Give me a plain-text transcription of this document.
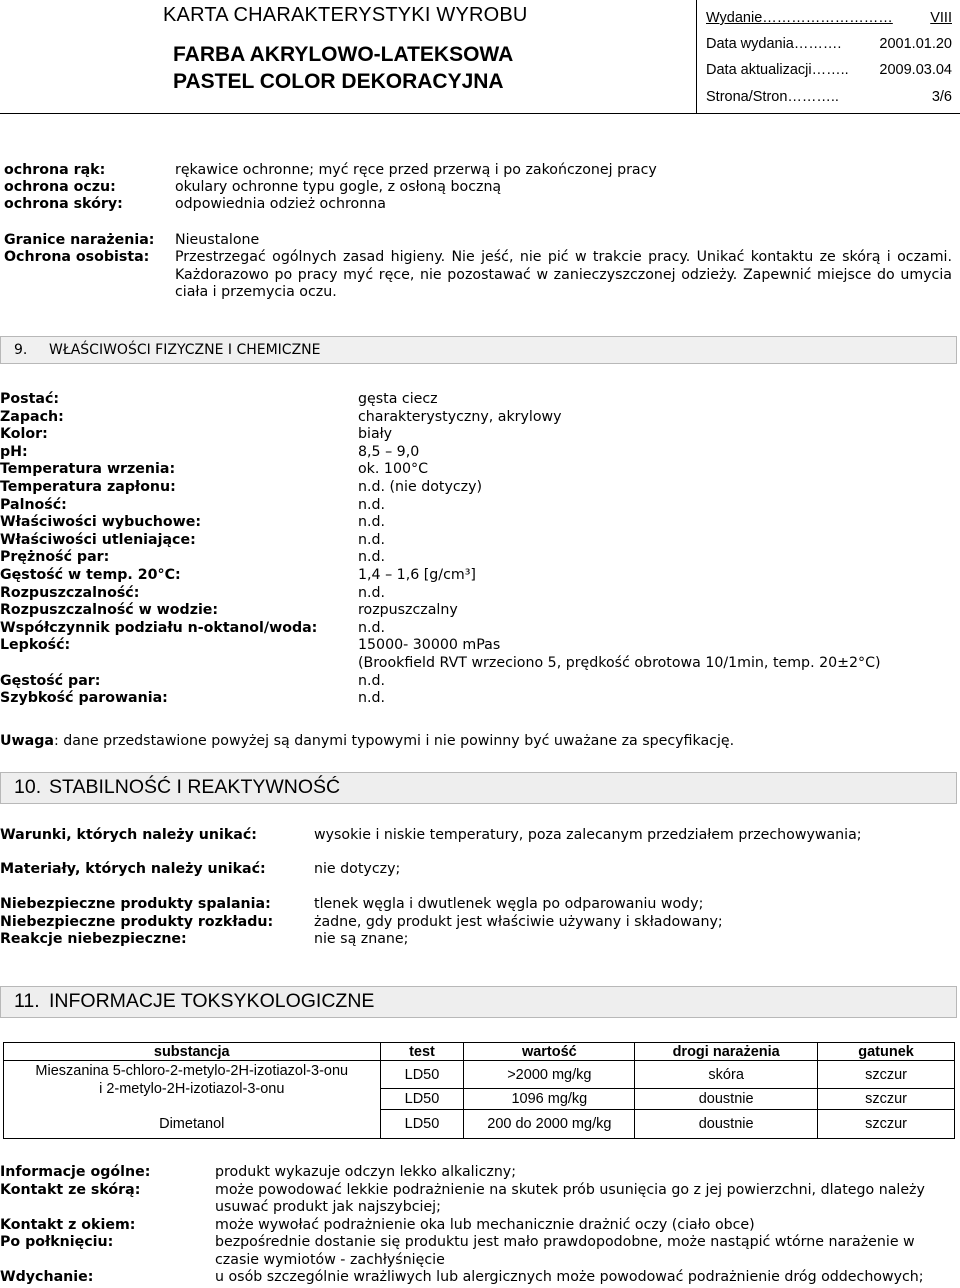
KARTA CHARAKTERYSTYKI WYROBU
FARBA AKRYLOWO-LATEKSOWA
PASTEL COLOR DEKORACYJNA
Wydanie………………………	VIII
Data wydania……….	2001.01.20
Data aktualizacji…….. 2009.03.04
Strona/Stron………..	3/6
ochrona rąk:	rękawice ochronne; myć ręce przed przerwą i po zakończonej pracy
ochrona oczu:	okulary ochronne typu gogle, z osłoną boczną
ochrona skóry:	odpowiednia odzież ochronna
Granice narażenia: Nieustalone
Ochrona osobista: Przestrzegać ogólnych zasad higieny. Nie jeść, nie pić w trakcie pracy. Unikać kontaktu ze skórą i oczami. Każdorazowo po pracy myć ręce, nie pozostawać w zanieczyszczonej odzieży. Zapewnić miejsce do umycia ciała i przemycia oczu.
9. WŁAŚCIWOŚCI FIZYCZNE I CHEMICZNE
Postać:	gęsta ciecz
Zapach:	charakterystyczny, akrylowy
Kolor:	biały
pH:	8,5 – 9,0
Temperatura wrzenia:	ok. 100°C
Temperatura zapłonu:	n.d. (nie dotyczy)
Palność:	n.d.
Właściwości wybuchowe:	n.d.
Właściwości utleniające:	n.d.
Prężność par:	n.d.
Gęstość w temp. 20°C:	1,4 – 1,6 [g/cm³]
Rozpuszczalność:	n.d.
Rozpuszczalność w wodzie:	rozpuszczalny
Współczynnik podziału n-oktanol/woda:	n.d.
Lepkość:	15000- 30000 mPas
(Brookfield RVT wrzeciono 5, prędkość obrotowa 10/1min, temp. 20±2°C)
Gęstość par:	n.d.
Szybkość parowania:	n.d.
Uwaga: dane przedstawione powyżej są danymi typowymi i nie powinny być uważane za specyfikację.
10. STABILNOŚĆ I REAKTYWNOŚĆ
Warunki, których należy unikać:	wysokie i niskie temperatury, poza zalecanym przedziałem przechowywania;
Materiały, których należy unikać:	nie dotyczy;
Niebezpieczne produkty spalania:	tlenek węgla i dwutlenek węgla po odparowaniu wody;
Niebezpieczne produkty rozkładu:	żadne, gdy produkt jest właściwie używany i składowany;
Reakcje niebezpieczne:	nie są znane;
11. INFORMACJE TOKSYKOLOGICZNE
substancja	test	wartość	drogi narażenia	gatunek

Mieszanina 5-chloro-2-metylo-2H-izotiazol-3-onu
i 2-metylo-2H-izotiazol-3-onu	LD50	>2000 mg/kg	skóra	szczur
	LD50	1096 mg/kg	doustnie	szczur
Dimetanol	LD50	200 do 2000 mg/kg	doustnie	szczur
Informacje ogólne:	produkt wykazuje odczyn lekko alkaliczny;
Kontakt ze skórą:	może powodować lekkie podrażnienie na skutek prób usunięcia go z jej powierzchni, dlatego należy
usuwać produkt jak najszybciej;
Kontakt z okiem:	może wywołać podrażnienie oka lub mechanicznie drażnić oczy (ciało obce)
Po połknięciu:	bezpośrednie dostanie się produktu jest mało prawdopodobne, może nastąpić wtórne narażenie w
czasie wymiotów - zachłyśnięcie
Wdychanie:	u osób szczególnie wrażliwych lub alergicznych może powodować podrażnienie dróg oddechowych;
